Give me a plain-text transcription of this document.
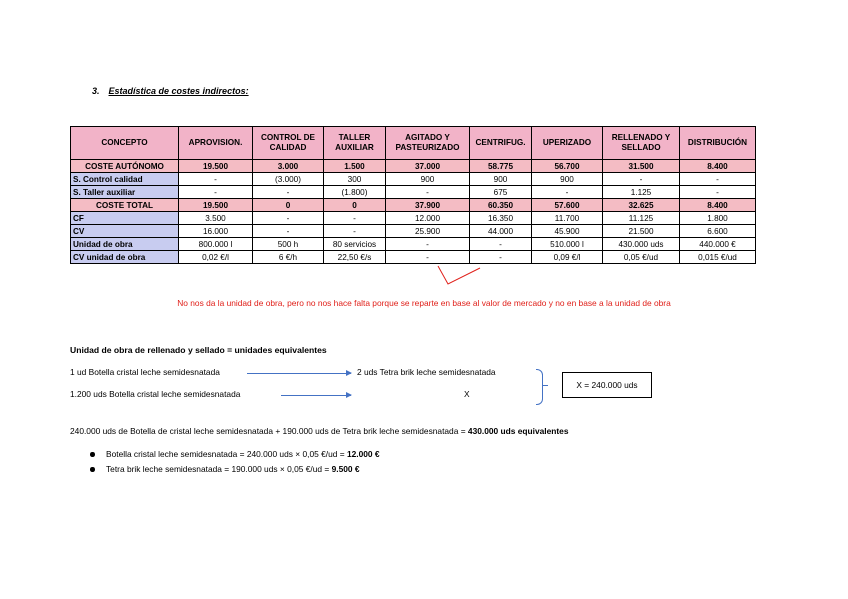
3. Estadística de costes indirectos:
CONCEPTO	APROVISION.	CONTROL DE CALIDAD	TALLER AUXILIAR	AGITADO Y PASTEURIZADO	CENTRIFUG.	UPERIZADO	RELLENADO Y SELLADO	DISTRIBUCIÓN
COSTE AUTÓNOMO	19.500	3.000	1.500	37.000	58.775	56.700	31.500	8.400
S. Control calidad	-	(3.000)	300	900	900	900	-	-
S. Taller auxiliar	-	-	(1.800)	-	675	-	1.125	-
COSTE TOTAL	19.500	0	0	37.900	60.350	57.600	32.625	8.400
CF	3.500	-	-	12.000	16.350	11.700	11.125	1.800
CV	16.000	-	-	25.900	44.000	45.900	21.500	6.600
Unidad de obra	800.000 l	500 h	80 servicios	-	-	510.000 l	430.000 uds	440.000 €
CV unidad de obra	0,02 €/l	6 €/h	22,50 €/s	-	-	0,09 €/l	0,05 €/ud	0,015 €/ud
No nos da la unidad de obra, pero no nos hace falta porque se reparte en base al valor de mercado y no en base a la unidad de obra
Unidad de obra de rellenado y sellado = unidades equivalentes
1 ud Botella cristal leche semidesnatada	2 uds Tetra brik leche semidesnatada
1.200 uds Botella cristal leche semidesnatada	X
X = 240.000 uds
240.000 uds de Botella de cristal leche semidesnatada + 190.000 uds de Tetra brik leche semidesnatada = 430.000 uds equivalentes
Botella cristal leche semidesnatada = 240.000 uds × 0,05 €/ud = 12.000 €
Tetra brik leche semidesnatada = 190.000 uds × 0,05 €/ud = 9.500 €
